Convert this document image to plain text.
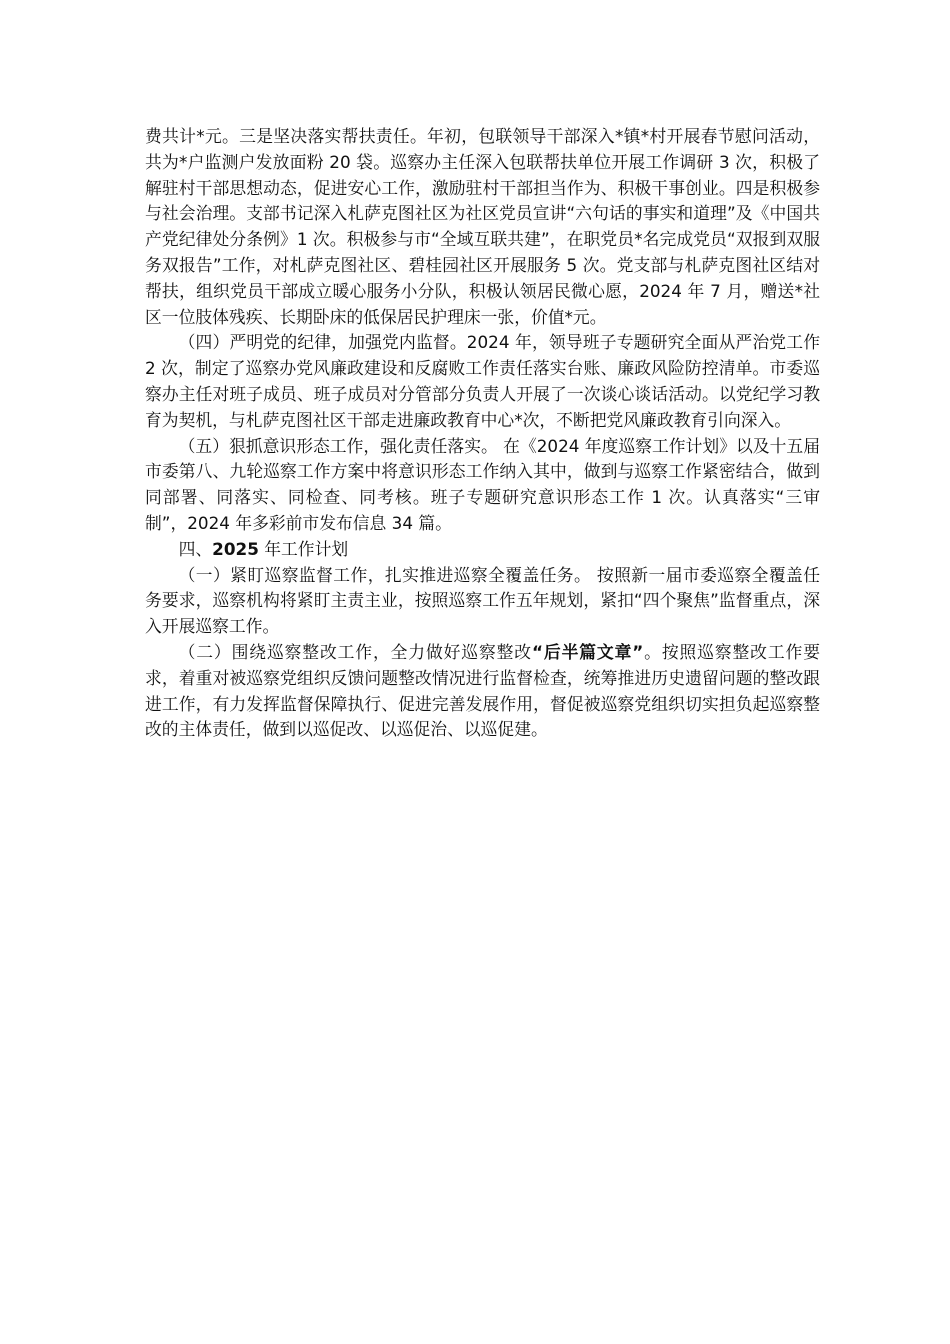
费共计*元。三是坚决落实帮扶责任。年初，包联领导干部深入*镇*村开展春节慰问活动，共为*户监测户发放面粉 20 袋。巡察办主任深入包联帮扶单位开展工作调研 3 次，积极了解驻村干部思想动态，促进安心工作，激励驻村干部担当作为、积极干事创业。四是积极参与社会治理。支部书记深入札萨克图社区为社区党员宣讲“六句话的事实和道理”及《中国共产党纪律处分条例》1 次。积极参与市“全域互联共建”，在职党员*名完成党员“双报到双服务双报告”工作，对札萨克图社区、碧桂园社区开展服务 5 次。党支部与札萨克图社区结对帮扶，组织党员干部成立暖心服务小分队，积极认领居民微心愿，2024 年 7 月，赠送*社区一位肢体残疾、长期卧床的低保居民护理床一张，价值*元。

（四）严明党的纪律，加强党内监督。2024 年，领导班子专题研究全面从严治党工作 2 次，制定了巡察办党风廉政建设和反腐败工作责任落实台账、廉政风险防控清单。市委巡察办主任对班子成员、班子成员对分管部分负责人开展了一次谈心谈话活动。以党纪学习教育为契机，与札萨克图社区干部走进廉政教育中心*次，不断把党风廉政教育引向深入。

（五）狠抓意识形态工作，强化责任落实。 在《2024 年度巡察工作计划》以及十五届市委第八、九轮巡察工作方案中将意识形态工作纳入其中，做到与巡察工作紧密结合，做到同部署、同落实、同检查、同考核。班子专题研究意识形态工作 1 次。认真落实“三审制”，2024 年多彩前市发布信息 34 篇。

四、2025 年工作计划

（一）紧盯巡察监督工作，扎实推进巡察全覆盖任务。 按照新一届市委巡察全覆盖任务要求，巡察机构将紧盯主责主业，按照巡察工作五年规划，紧扣“四个聚焦”监督重点，深入开展巡察工作。

（二）围绕巡察整改工作，全力做好巡察整改“后半篇文章”。按照巡察整改工作要求，着重对被巡察党组织反馈问题整改情况进行监督检查，统筹推进历史遗留问题的整改跟进工作，有力发挥监督保障执行、促进完善发展作用，督促被巡察党组织切实担负起巡察整改的主体责任，做到以巡促改、以巡促治、以巡促建。
